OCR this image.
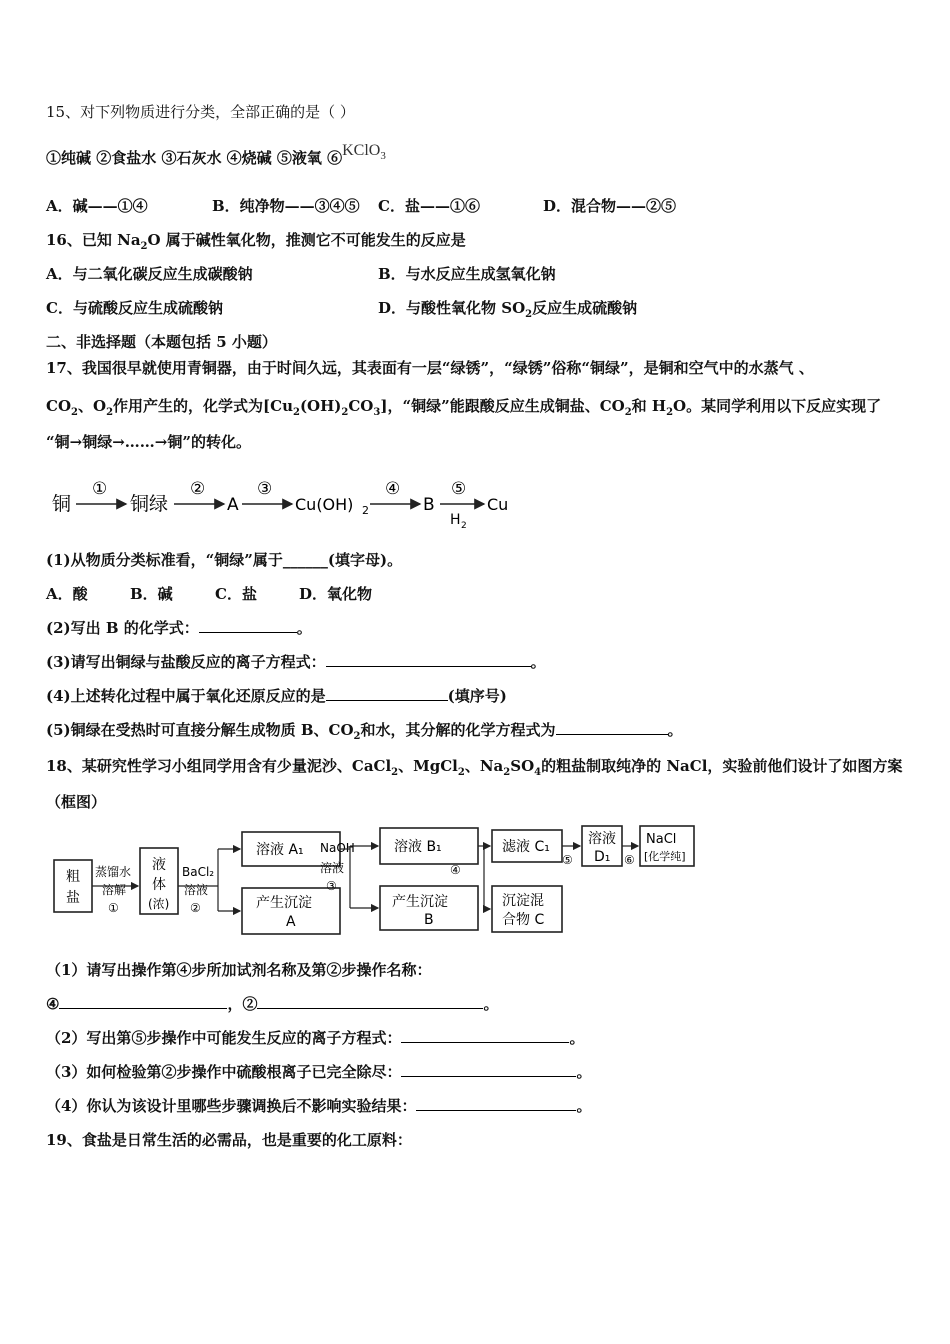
15、对下列物质进行分类，全部正确的是（ ）
①纯碱 ②食盐水 ③石灰水 ④烧碱 ⑤液氧 ⑥KClO$_3$
A．碱——①④	B．纯净物——③④⑤ C．盐——①⑥	D．混合物——②⑤
16、已知 $Na_2O$ 属于碱性氧化物，推测它不可能发生的反应是
A．与二氧化碳反应生成碳酸钠	B．与水反应生成氢氧化钠
C．与硫酸反应生成硫酸钠	D．与酸性氧化物 $SO_2$反应生成硫酸钠
二、非选择题（本题包括 5 小题）
17、我国很早就使用青铜器，由于时间久远，其表面有一层“绿锈”，“绿锈”俗称“铜绿”，是铜和空气中的水蒸气 、
$CO_2$、$O_2$作用产生的，化学式为$[Cu_2(OH)_2CO_3]$，“铜绿”能跟酸反应生成铜盐、$CO_2$和 $H_2O$。某同学利用以下反应实现了
“铜→铜绿→……→铜”的转化。
铜
①
铜绿
②
A
③
Cu(OH) 2
④
B
⑤
H 2
Cu
(1)从物质分类标准看，“铜绿”属于______(填字母)。
A．酸	B．碱	C．盐	D．氧化物
(2)写出 B 的化学式：	。
(3)请写出铜绿与盐酸反应的离子方程式：	。
(4)上述转化过程中属于氧化还原反应的是	(填序号)
(5)铜绿在受热时可直接分解生成物质 B、$CO_2$和水，其分解的化学方程式为	。
18、某研究性学习小组同学用含有少量泥沙、CaCl$_2$、MgCl$_2$、$Na_2SO_4$的粗盐制取纯净的 NaCl，实验前他们设计了如图方案
（框图）
粗
盐
液
体
(浓)
溶液 A₁
产生沉淀
A
溶液 B₁
产生沉淀
B
滤液 C₁
沉淀混
合物 C
溶液
D₁
NaCl
[化学纯]
蒸馏水
溶解
①
BaCl₂
溶液
②
NaOH
溶液
③
④
⑤	⑥
（1）请写出操作第④步所加试剂名称及第②步操作名称：
④	，②	。
（2）写出第⑤步操作中可能发生反应的离子方程式：	。
（3）如何检验第②步操作中硫酸根离子已完全除尽：	。
（4）你认为该设计里哪些步骤调换后不影响实验结果：	。
19、食盐是日常生活的必需品，也是重要的化工原料：
